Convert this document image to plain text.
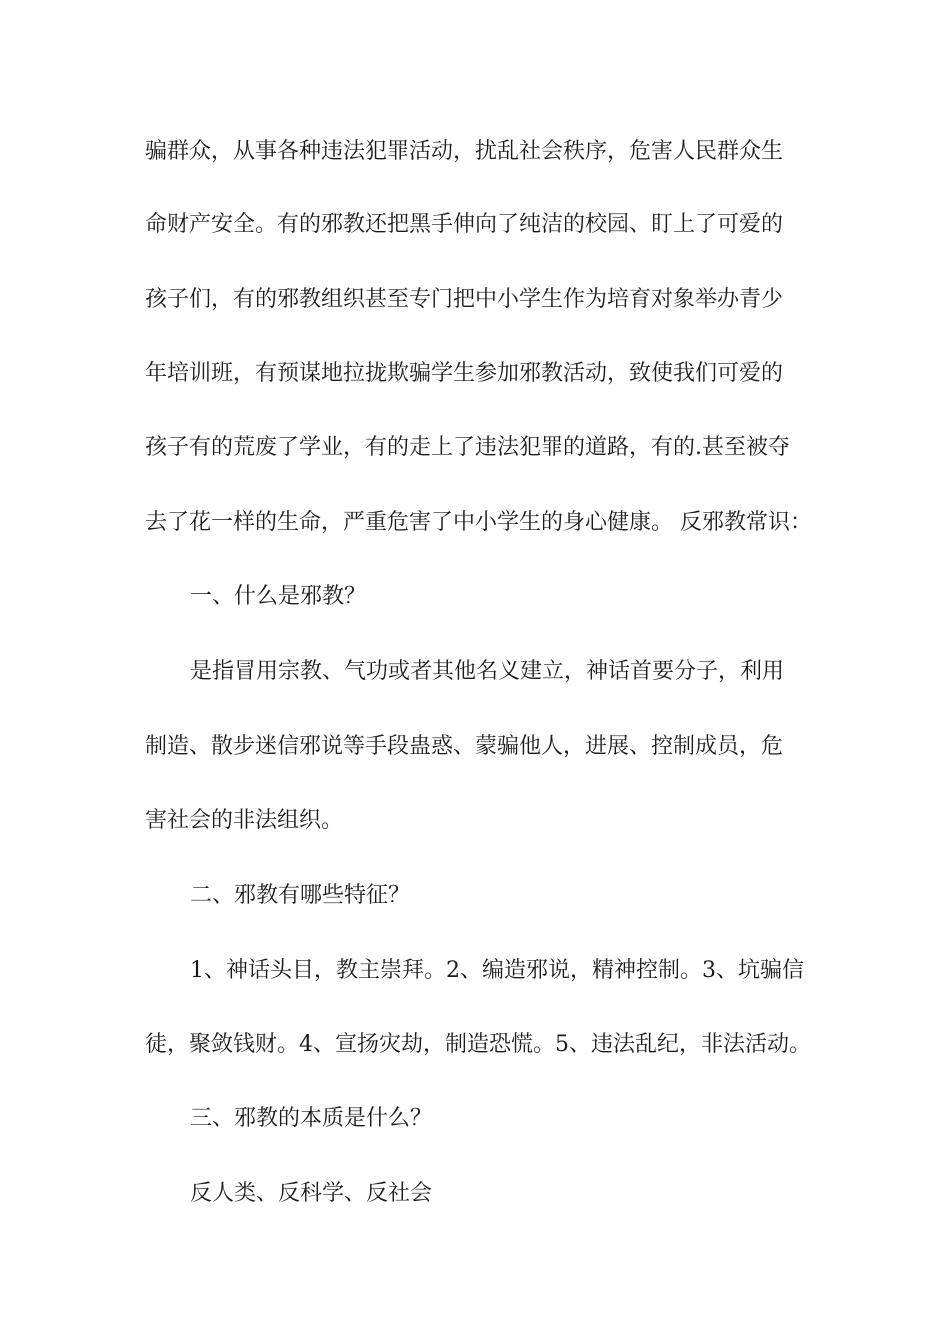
骗群众，从事各种违法犯罪活动，扰乱社会秩序，危害人民群众生
命财产安全。有的邪教还把黑手伸向了纯洁的校园、盯上了可爱的
孩子们，有的邪教组织甚至专门把中小学生作为培育对象举办青少
年培训班，有预谋地拉拢欺骗学生参加邪教活动，致使我们可爱的
孩子有的荒废了学业，有的走上了违法犯罪的道路，有的.甚至被夺
去了花一样的生命，严重危害了中小学生的身心健康。 反邪教常识：
一、什么是邪教？
是指冒用宗教、气功或者其他名义建立，神话首要分子，利用
制造、散步迷信邪说等手段蛊惑、蒙骗他人，进展、控制成员，危
害社会的非法组织。
二、邪教有哪些特征？
1、神话头目，教主崇拜。2、编造邪说，精神控制。3、坑骗信
徒，聚敛钱财。4、宣扬灾劫，制造恐慌。5、违法乱纪，非法活动。
三、邪教的本质是什么？
反人类、反科学、反社会
